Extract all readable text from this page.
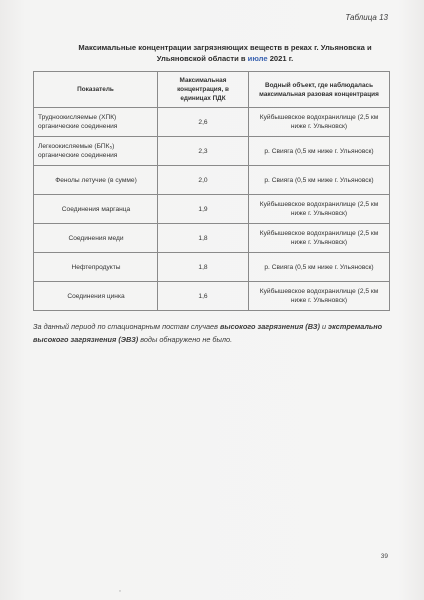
Таблица 13
Максимальные концентрации загрязняющих веществ в реках г. Ульяновска и
Ульяновской области в июле 2021 г.
Показатель	Максимальная концентрация, в единицах ПДК	Водный объект, где наблюдалась максимальная разовая концентрация
Трудноокисляемые (ХПК) органические соединения	2,6	Куйбышевское водохранилище (2,5 км ниже г. Ульяновск)
Легкоокисляемые (БПК₅) органические соединения	2,3	р. Свияга (0,5 км ниже г. Ульяновск)
Фенолы летучие (в сумме)	2,0	р. Свияга (0,5 км ниже г. Ульяновск)
Соединения марганца	1,9	Куйбышевское водохранилище (2,5 км ниже г. Ульяновск)
Соединения меди	1,8	Куйбышевское водохранилище (2,5 км ниже г. Ульяновск)
Нефтепродукты	1,8	р. Свияга (0,5 км ниже г. Ульяновск)
Соединения цинка	1,6	Куйбышевское водохранилище (2,5 км ниже г. Ульяновск)
За данный период по стационарным постам случаев высокого загрязнения (ВЗ) и экстремально высокого загрязнения (ЭВЗ) воды обнаружено не было.
39
*
